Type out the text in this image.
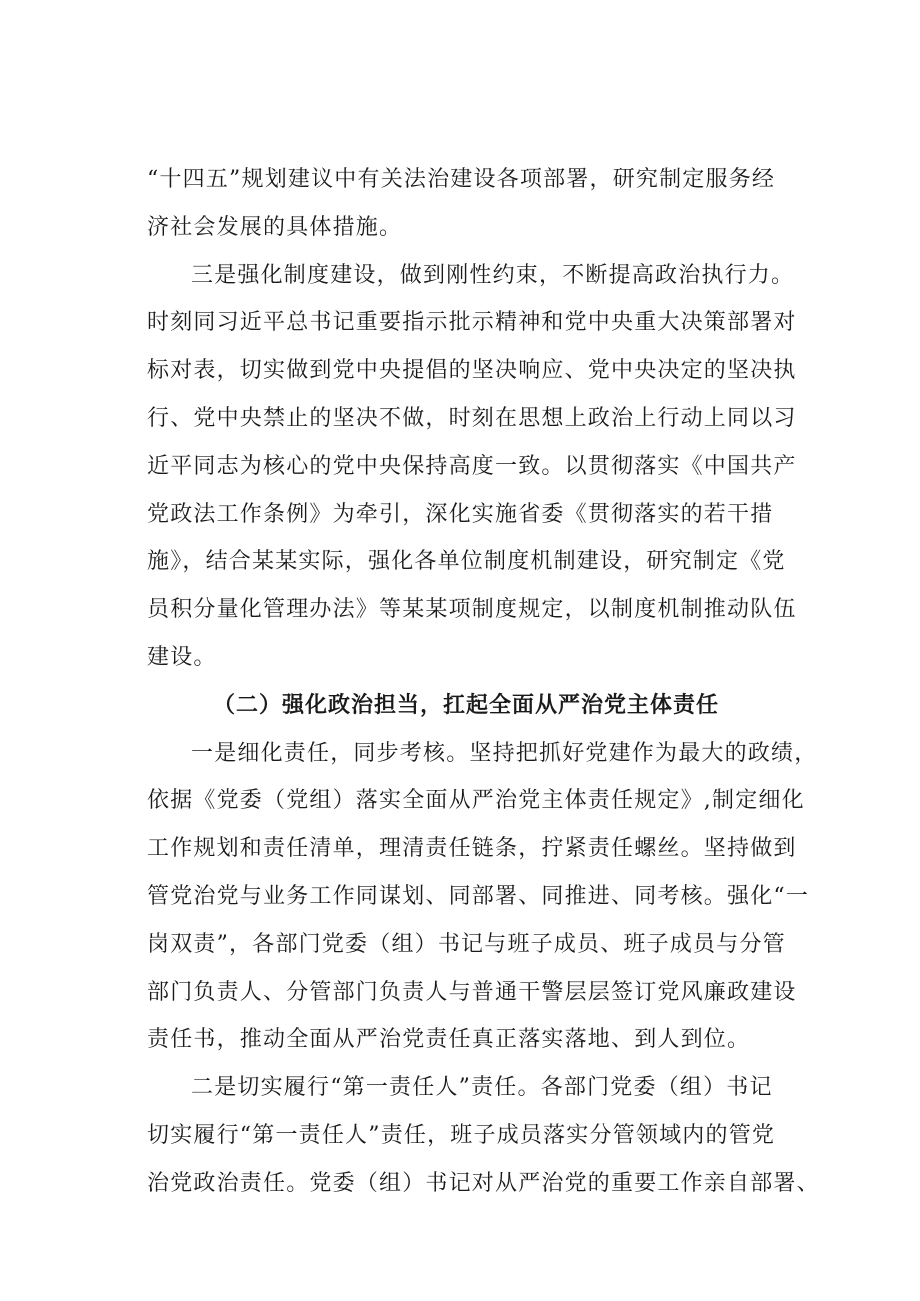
“十四五”规划建议中有关法治建设各项部署，研究制定服务经
济社会发展的具体措施。
三是强化制度建设，做到刚性约束，不断提高政治执行力。
时刻同习近平总书记重要指示批示精神和党中央重大决策部署对
标对表，切实做到党中央提倡的坚决响应、党中央决定的坚决执
行、党中央禁止的坚决不做，时刻在思想上政治上行动上同以习
近平同志为核心的党中央保持高度一致。以贯彻落实《中国共产
党政法工作条例》为牵引，深化实施省委《贯彻落实的若干措
施》，结合某某实际，强化各单位制度机制建设，研究制定《党
员积分量化管理办法》等某某项制度规定，以制度机制推动队伍
建设。
（二）强化政治担当，扛起全面从严治党主体责任
一是细化责任，同步考核。坚持把抓好党建作为最大的政绩，
依据《党委（党组）落实全面从严治党主体责任规定》,制定细化
工作规划和责任清单，理清责任链条，拧紧责任螺丝。坚持做到
管党治党与业务工作同谋划、同部署、同推进、同考核。强化“一
岗双责”，各部门党委（组）书记与班子成员、班子成员与分管
部门负责人、分管部门负责人与普通干警层层签订党风廉政建设
责任书，推动全面从严治党责任真正落实落地、到人到位。
二是切实履行“第一责任人”责任。各部门党委（组）书记
切实履行“第一责任人”责任，班子成员落实分管领域内的管党
治党政治责任。党委（组）书记对从严治党的重要工作亲自部署、
